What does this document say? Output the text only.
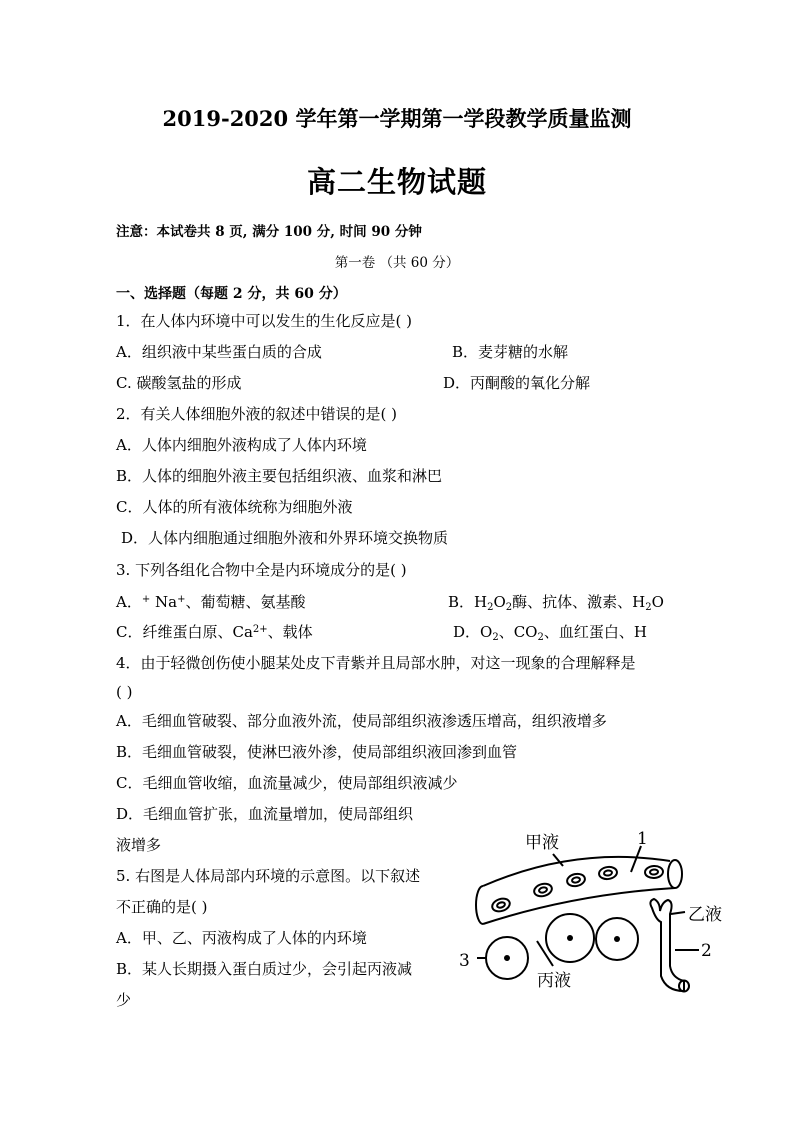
2019-2020 学年第一学期第一学段教学质量监测
高二生物试题
注意：本试卷共 8 页, 满分 100 分, 时间 90 分钟
第一卷 （共 60 分）
一、选择题（每题 2 分，共 60 分）
1．在人体内环境中可以发生的生化反应是( )
A．组织液中某些蛋白质的合成	B．麦芽糖的水解
C. 碳酸氢盐的形成	D．丙酮酸的氧化分解
2．有关人体细胞外液的叙述中错误的是( )
A．人体内细胞外液构成了人体内环境
B．人体的细胞外液主要包括组织液、血浆和淋巴
C．人体的所有液体统称为细胞外液
D．人体内细胞通过细胞外液和外界环境交换物质
3. 下列各组化合物中全是内环境成分的是( )
A．+ Na+、葡萄糖、氨基酸	B．$H_2O_2$酶、抗体、激素、$H_2O$
C．纤维蛋白原、$Ca^{2+}$、载体	D．$O_2$、$CO_2$、血红蛋白、H
4．由于轻微创伤使小腿某处皮下青紫并且局部水肿，对这一现象的合理解释是
( )
A．毛细血管破裂、部分血液外流，使局部组织液渗透压增高，组织液增多
B．毛细血管破裂，使淋巴液外渗，使局部组织液回渗到血管
C．毛细血管收缩，血流量减少，使局部组织液减少
D．毛细血管扩张，血流量增加，使局部组织
液增多
5. 右图是人体局部内环境的示意图。以下叙述
不正确的是( )
A．甲、乙、丙液构成了人体的内环境
B．某人长期摄入蛋白质过少，会引起丙液减
少
甲液	1
乙液
2
3
丙液
